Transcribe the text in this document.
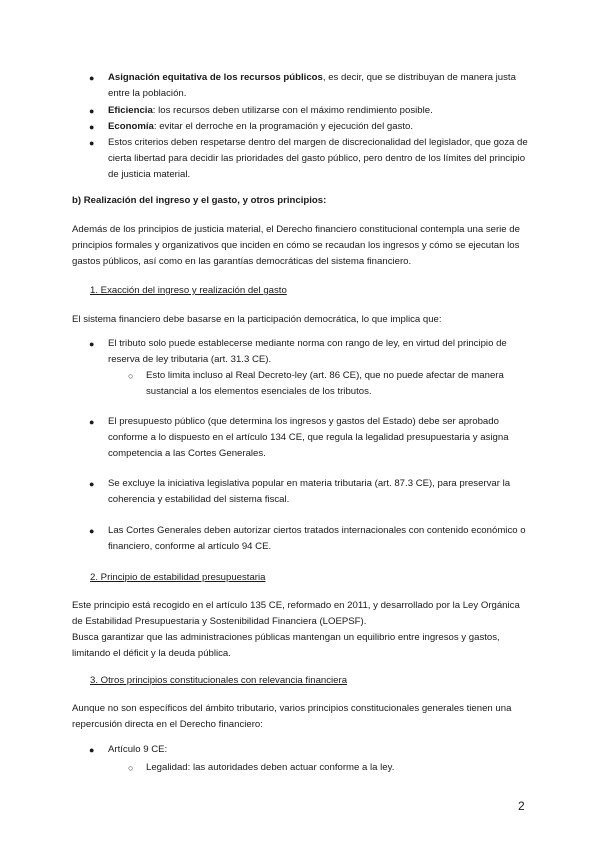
● Asignación equitativa de los recursos públicos, es decir, que se distribuyan de manera justa entre la población.
● Eficiencia: los recursos deben utilizarse con el máximo rendimiento posible.
● Economía: evitar el derroche en la programación y ejecución del gasto.
● Estos criterios deben respetarse dentro del margen de discrecionalidad del legislador, que goza de cierta libertad para decidir las prioridades del gasto público, pero dentro de los límites del principio de justicia material.

b) Realización del ingreso y el gasto, y otros principios:

Además de los principios de justicia material, el Derecho financiero constitucional contempla una serie de principios formales y organizativos que inciden en cómo se recaudan los ingresos y cómo se ejecutan los gastos públicos, así como en las garantías democráticas del sistema financiero.

1. Exacción del ingreso y realización del gasto

El sistema financiero debe basarse en la participación democrática, lo que implica que:

● El tributo solo puede establecerse mediante norma con rango de ley, en virtud del principio de reserva de ley tributaria (art. 31.3 CE).
○ Esto limita incluso al Real Decreto-ley (art. 86 CE), que no puede afectar de manera sustancial a los elementos esenciales de los tributos.
● El presupuesto público (que determina los ingresos y gastos del Estado) debe ser aprobado conforme a lo dispuesto en el artículo 134 CE, que regula la legalidad presupuestaria y asigna competencia a las Cortes Generales.
● Se excluye la iniciativa legislativa popular en materia tributaria (art. 87.3 CE), para preservar la coherencia y estabilidad del sistema fiscal.
● Las Cortes Generales deben autorizar ciertos tratados internacionales con contenido económico o financiero, conforme al artículo 94 CE.

2. Principio de estabilidad presupuestaria

Este principio está recogido en el artículo 135 CE, reformado en 2011, y desarrollado por la Ley Orgánica de Estabilidad Presupuestaria y Sostenibilidad Financiera (LOEPSF).

Busca garantizar que las administraciones públicas mantengan un equilibrio entre ingresos y gastos, limitando el déficit y la deuda pública.

3. Otros principios constitucionales con relevancia financiera

Aunque no son específicos del ámbito tributario, varios principios constitucionales generales tienen una repercusión directa en el Derecho financiero:

● Artículo 9 CE:
○ Legalidad: las autoridades deben actuar conforme a la ley.
2
